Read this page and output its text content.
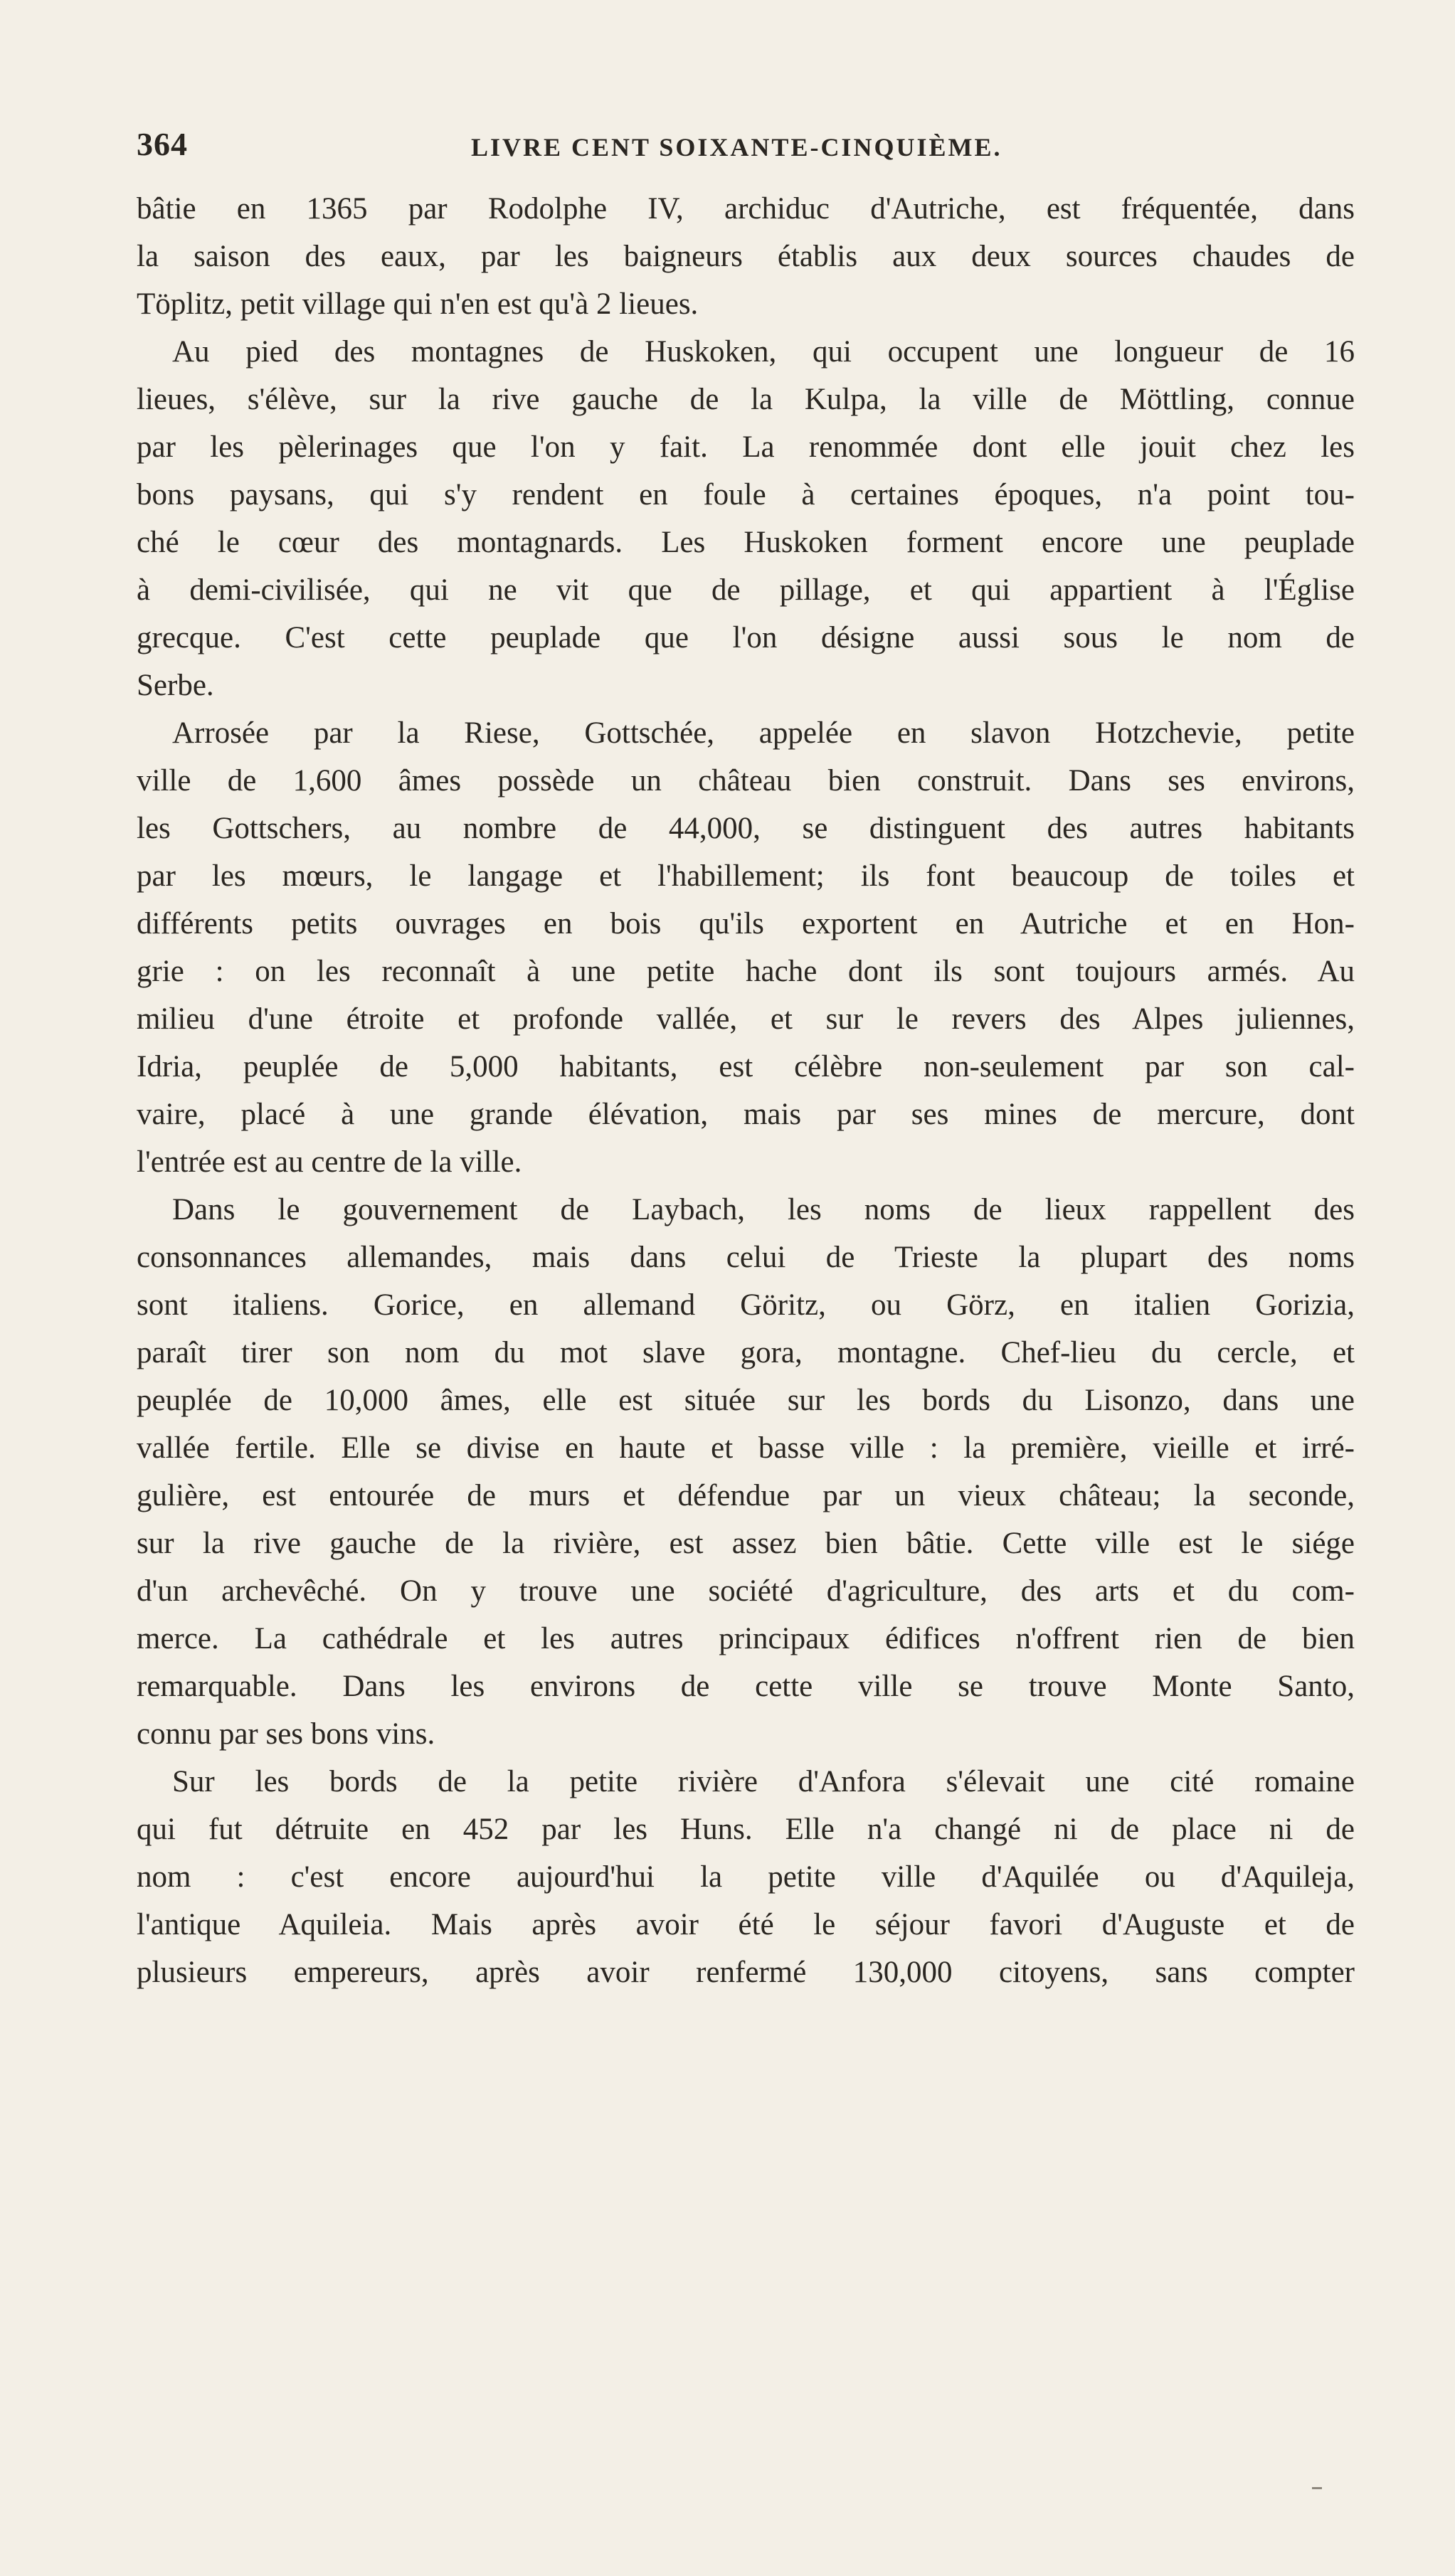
364	LIVRE CENT SOIXANTE-CINQUIÈME.
bâtie en 1365 par Rodolphe IV, archiduc d'Autriche, est fréquentée, dans
la saison des eaux, par les baigneurs établis aux deux sources chaudes de
Töplitz, petit village qui n'en est qu'à 2 lieues.
Au pied des montagnes de Huskoken, qui occupent une longueur de 16
lieues, s'élève, sur la rive gauche de la Kulpa, la ville de Möttling, connue
par les pèlerinages que l'on y fait. La renommée dont elle jouit chez les
bons paysans, qui s'y rendent en foule à certaines époques, n'a point tou-
ché le cœur des montagnards. Les Huskoken forment encore une peuplade
à demi-civilisée, qui ne vit que de pillage, et qui appartient à l'Église
grecque. C'est cette peuplade que l'on désigne aussi sous le nom de
Serbe.
Arrosée par la Riese, Gottschée, appelée en slavon Hotzchevie, petite
ville de 1,600 âmes possède un château bien construit. Dans ses environs,
les Gottschers, au nombre de 44,000, se distinguent des autres habitants
par les mœurs, le langage et l'habillement; ils font beaucoup de toiles et
différents petits ouvrages en bois qu'ils exportent en Autriche et en Hon-
grie : on les reconnaît à une petite hache dont ils sont toujours armés. Au
milieu d'une étroite et profonde vallée, et sur le revers des Alpes juliennes,
Idria, peuplée de 5,000 habitants, est célèbre non-seulement par son cal-
vaire, placé à une grande élévation, mais par ses mines de mercure, dont
l'entrée est au centre de la ville.
Dans le gouvernement de Laybach, les noms de lieux rappellent des
consonnances allemandes, mais dans celui de Trieste la plupart des noms
sont italiens. Gorice, en allemand Göritz, ou Görz, en italien Gorizia,
paraît tirer son nom du mot slave gora, montagne. Chef-lieu du cercle, et
peuplée de 10,000 âmes, elle est située sur les bords du Lisonzo, dans une
vallée fertile. Elle se divise en haute et basse ville : la première, vieille et irré-
gulière, est entourée de murs et défendue par un vieux château; la seconde,
sur la rive gauche de la rivière, est assez bien bâtie. Cette ville est le siége
d'un archevêché. On y trouve une société d'agriculture, des arts et du com-
merce. La cathédrale et les autres principaux édifices n'offrent rien de bien
remarquable. Dans les environs de cette ville se trouve Monte Santo,
connu par ses bons vins.
Sur les bords de la petite rivière d'Anfora s'élevait une cité romaine
qui fut détruite en 452 par les Huns. Elle n'a changé ni de place ni de
nom : c'est encore aujourd'hui la petite ville d'Aquilée ou d'Aquileja,
l'antique Aquileia. Mais après avoir été le séjour favori d'Auguste et de
plusieurs empereurs, après avoir renfermé 130,000 citoyens, sans compter
